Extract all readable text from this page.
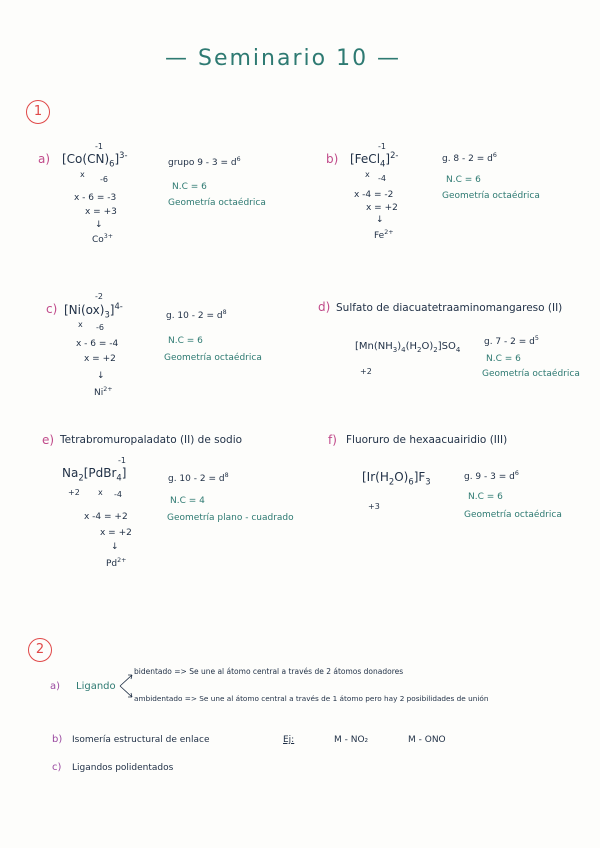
— Seminario 10 —
1
a)
-1
$[Co(CN)_6]^{3-}$
x
-6
x - 6 = -3
x = +3
↓
$Co^{3+}$
grupo $9 - 3 = d^6$
N.C = 6
Geometría octaédrica
b)
-1
[FeCl$_4$]$^{2-}$
x -4
x -4 = -2
x = +2
↓
$Fe^{2+}$
g. $8 - 2 = d^6$
N.C = 6
Geometría octaédrica
c)
-2
$[Ni(ox)_3]^{4-}$
x -6
x - 6 = -4
x = +2
↓
$Ni^{2+}$
g. $10 - 2 = d^8$
N.C = 6
Geometría octaédrica
d) Sulfato de diacuatetraaminomangareso (II)
$[Mn(NH_3)_4(H_2O)_2]SO_4$
+2
g. $7 - 2 = d^5$
N.C = 6
Geometría octaédrica
e) Tetrabromuropaladato (II) de sodio
-1
$Na_2[PdBr_4]$
+2 x -4
x -4 = +2
x = +2
↓
$Pd^{2+}$
g. $10 - 2 = d^8$
N.C = 4
Geometría plano - cuadrado
f) Fluoruro de hexaacuairidio (III)
$[Ir(H_2O)_6]F_3$
+3
g. $9 - 3 = d^6$
N.C = 6
Geometría octaédrica
2
a) Ligando
bidentado => Se une al átomo central a través de 2 átomos donadores
ambidentado => Se une al átomo central a través de 1 átomo pero hay 2 posibilidades de unión
b) Isomería estructural de enlace	Ej:	M - NO₂	M - ONO
c) Ligandos polidentados
